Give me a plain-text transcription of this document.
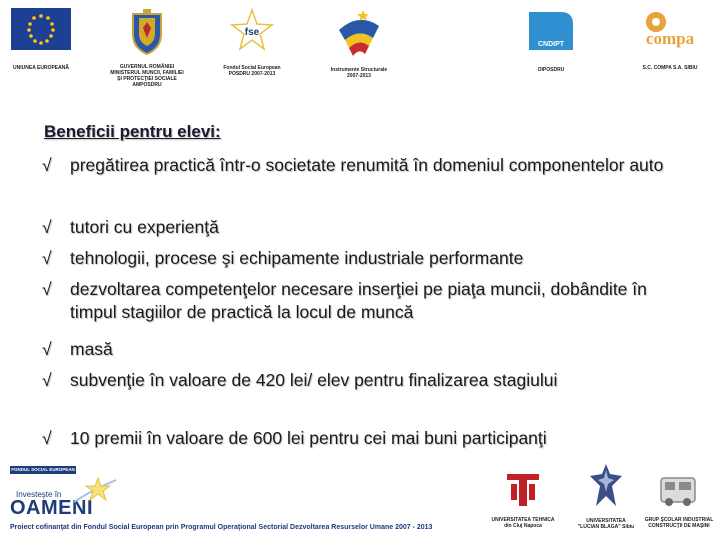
UNIUNEA EUROPEANĂ	GUVERNUL ROMÂNIEI
MINISTERUL MUNCII, FAMILIEI
ŞI PROTECŢIEI SOCIALE
AMPOSDRU
fse
Fondul Social European
POSDRU 2007-2013
Instrumente Structurale
2007-2013
CNDIPT
OIPOSDRU
compa
S.C. COMPA S.A. SIBIU
Beneficii pentru elevi:
√	pregătirea practică într-o societate renumită în domeniul componentelor auto
√	tutori cu experienţă
√	tehnologii, procese şi echipamente industriale performante
√	dezvoltarea competenţelor necesare inserţiei pe piaţa muncii, dobândite în timpul stagiilor de practică la locul de muncă
√	masă
√	subvenţie în valoare de 420 lei/ elev pentru finalizarea stagiului
√	10 premii în valoare de 600 lei pentru cei mai buni participanţi
FONDUL SOCIAL EUROPEAN
Investeşte în
OAMENI
Proiect cofinanţat din Fondul Social European prin Programul Operaţional Sectorial Dezvoltarea Resurselor Umane 2007 - 2013
UNIVERSITATEA TEHNICA
din Cluj Napoca
UNIVERSITATEA
"LUCIAN BLAGA" Sibiu
GRUP ŞCOLAR INDUSTRIAL
CONSTRUCŢII DE MAŞINI
